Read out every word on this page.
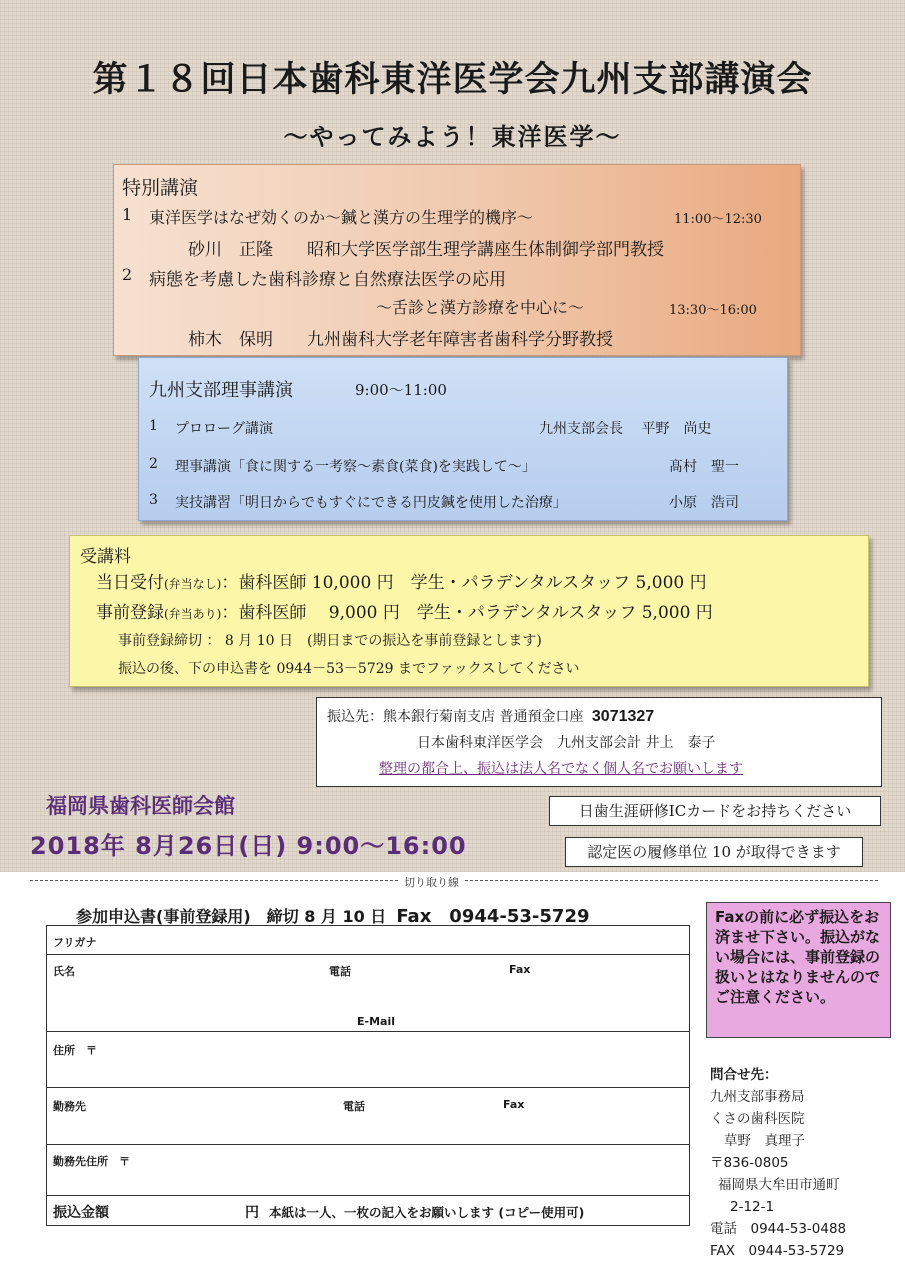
第１８回日本歯科東洋医学会九州支部講演会
～やってみよう！東洋医学～
特別講演
1 東洋医学はなぜ効くのか～鍼と漢方の生理学的機序～	11:00～12:30
砂川　正隆　　昭和大学医学部生理学講座生体制御学部門教授
2 病態を考慮した歯科診療と自然療法医学の応用
～舌診と漢方診療を中心に～	13:30～16:00
柿木　保明　　九州歯科大学老年障害者歯科学分野教授
九州支部理事講演	9:00～11:00
1 プロローグ講演	九州支部会長　 平野　尚史
2 理事講演「食に関する一考察～素食(菜食)を実践して～」	髙村　聖一
3 実技講習「明日からでもすぐにできる円皮鍼を使用した治療」	小原　浩司
受講料
当日受付(弁当なし)：歯科医師 10,000 円　学生・パラデンタルスタッフ 5,000 円
事前登録(弁当あり)：歯科医師　 9,000 円　学生・パラデンタルスタッフ 5,000 円
事前登録締切 ： 8 月 10 日　(期日までの振込を事前登録とします)
振込の後、下の申込書を 0944－53－5729 までファックスしてください
振込先：熊本銀行菊南支店 普通預金口座 3071327
日本歯科東洋医学会　九州支部会計 井上　泰子
整理の都合上、振込は法人名でなく個人名でお願いします
日歯生涯研修ICカードをお持ちください
認定医の履修単位 10 が取得できます
福岡県歯科医師会館
2018年 8月26日(日) 9:00～16:00
切り取り線
参加申込書(事前登録用)　締切 8 月 10 日 Fax　0944-53-5729
フリガナ
氏名	電話	Fax
E-Mail
住所　〒
勤務先	電話	Fax
勤務先住所　〒
振込金額	円 本紙は一人、一枚の記入をお願いします (コピー使用可)
Faxの前に必ず振込をお済ませ下さい。振込がない場合には、事前登録の扱いとはなりませんのでご注意ください。
問合せ先：
九州支部事務局
くさの歯科医院
草野　真理子
〒836-0805
福岡県大牟田市通町
2-12-1
電話　0944-53-0488
FAX　0944-53-5729
